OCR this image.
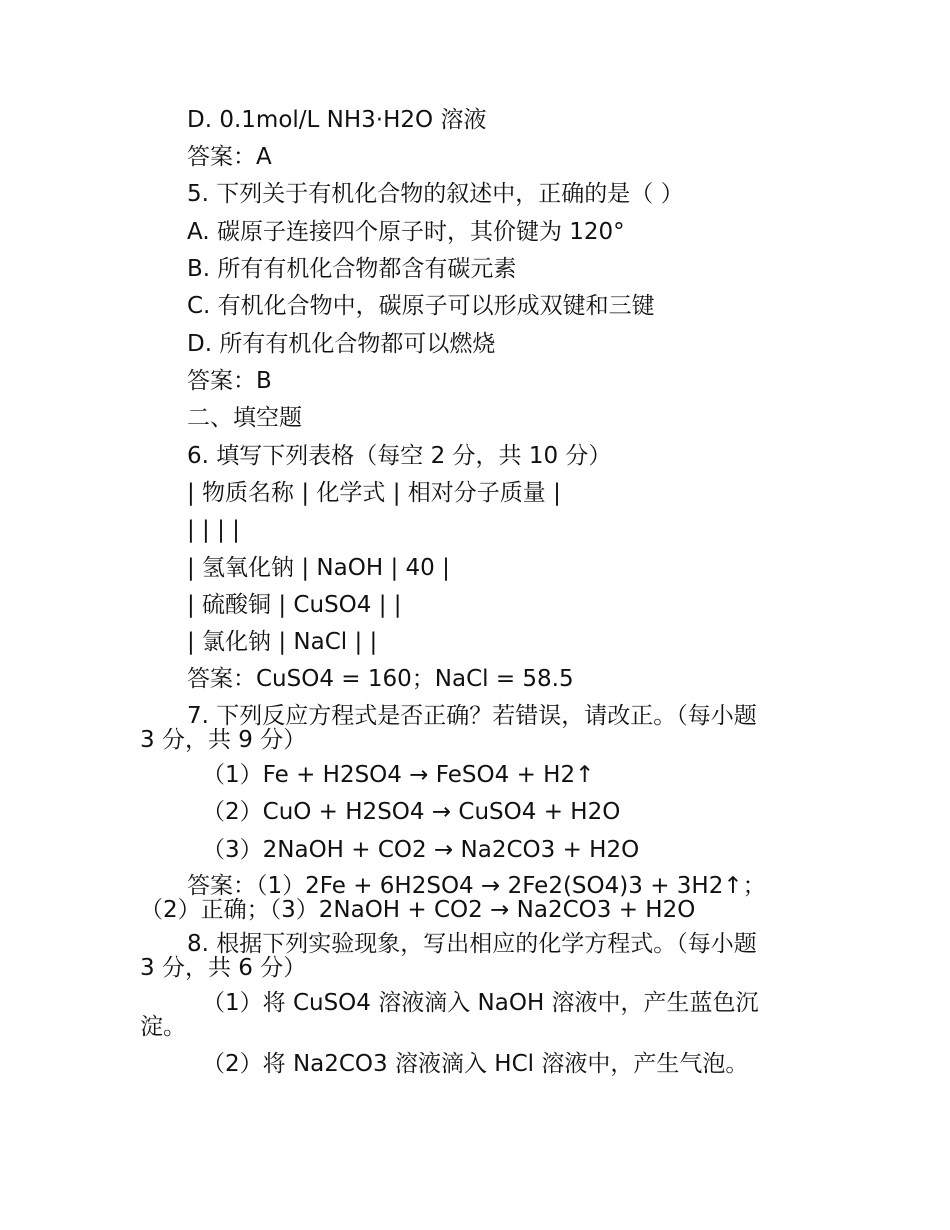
D. 0.1mol/L NH3·H2O 溶液
答案：A
5. 下列关于有机化合物的叙述中，正确的是（ ）
A. 碳原子连接四个原子时，其价键为 120°
B. 所有有机化合物都含有碳元素
C. 有机化合物中，碳原子可以形成双键和三键
D. 所有有机化合物都可以燃烧
答案：B
二、填空题
6. 填写下列表格（每空 2 分，共 10 分）
| 物质名称 | 化学式 | 相对分子质量 |
| | | |
| 氢氧化钠 | NaOH | 40 |
| 硫酸铜 | CuSO4 | |
| 氯化钠 | NaCl | |
答案：CuSO4 = 160；NaCl = 58.5
7. 下列反应方程式是否正确？若错误，请改正。（每小题
3 分，共 9 分）
（1）Fe + H2SO4 → FeSO4 + H2↑
（2）CuO + H2SO4 → CuSO4 + H2O
（3）2NaOH + CO2 → Na2CO3 + H2O
答案：（1）2Fe + 6H2SO4 → 2Fe2(SO4)3 + 3H2↑；
（2）正确；（3）2NaOH + CO2 → Na2CO3 + H2O
8. 根据下列实验现象，写出相应的化学方程式。（每小题
3 分，共 6 分）
（1）将 CuSO4 溶液滴入 NaOH 溶液中，产生蓝色沉
淀。
（2）将 Na2CO3 溶液滴入 HCl 溶液中，产生气泡。
